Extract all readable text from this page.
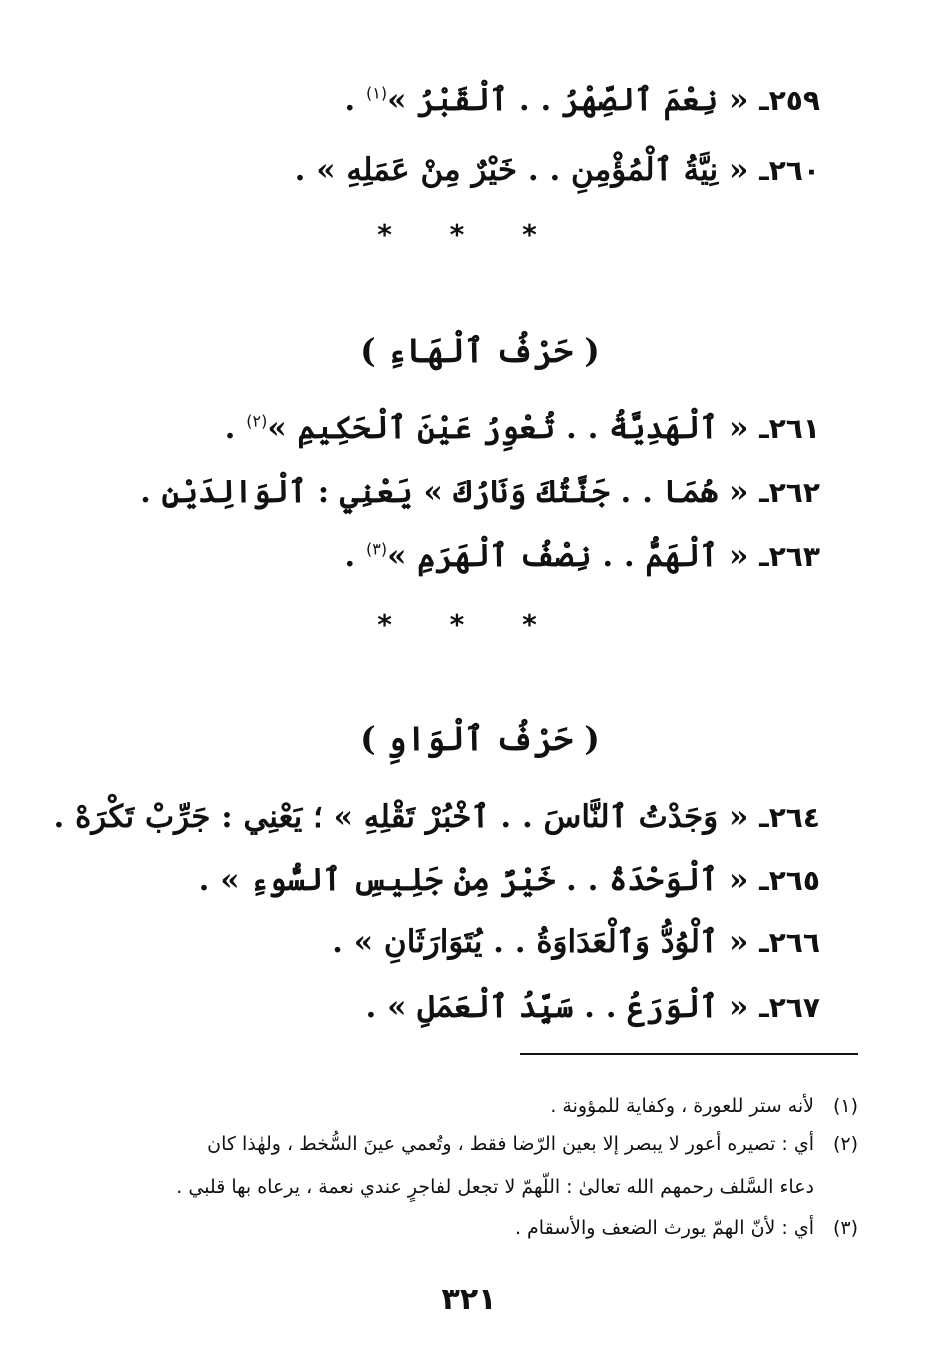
٢٥٩ـ « نِعْمَ ٱلصِّهْرُ . . ٱلْقَبْرُ »$^{(١)}$ .
٢٦٠ـ « نِيَّةُ ٱلْمُؤْمِنِ . . خَيْرٌ مِنْ عَمَلِهِ » .
* * *
( حَرْفُ ٱلْهَاءِ )
٢٦١ـ « ٱلْهَدِيَّةُ . . تُعْوِرُ عَيْنَ ٱلْحَكِيمِ »$^{(٢)}$ .
٢٦٢ـ « هُمَا . . جَنَّتُكَ وَنَارُكَ » يَعْنِي : ٱلْوَالِدَيْنِ .
٢٦٣ـ « ٱلْهَمُّ . . نِصْفُ ٱلْهَرَمِ »$^{(٣)}$ .
* * *
( حَرْفُ ٱلْوَاوِ )
٢٦٤ـ « وَجَدْتُ ٱلنَّاسَ . . ٱخْبُرْ تَقْلِهِ » ؛ يَعْنِي : جَرِّبْ تَكْرَهْ .
٢٦٥ـ « ٱلْوَحْدَةُ . . خَيْرٌ مِنْ جَلِيسِ ٱلسُّوءِ » .
٢٦٦ـ « ٱلْوُدُّ وَٱلْعَدَاوَةُ . . يُتَوَارَثَانِ » .
٢٦٧ـ « ٱلْوَرَعُ . . سَيِّدُ ٱلْعَمَلِ » .
(١)لأنه ستر للعورة ، وكفاية للمؤونة .
(٢)أي : تصيره أعور لا يبصر إلا بعين الرّضا فقط ، وتُعمي عينَ السُّخط ، ولهٰذا كان
دعاء السَّلف رحمهم الله تعالىٰ : اللّهمّ لا تجعل لفاجرٍ عندي نعمة ، يرعاه بها قلبي .
(٣)أي : لأنّ الهمّ يورث الضعف والأسقام .
٣٢١
